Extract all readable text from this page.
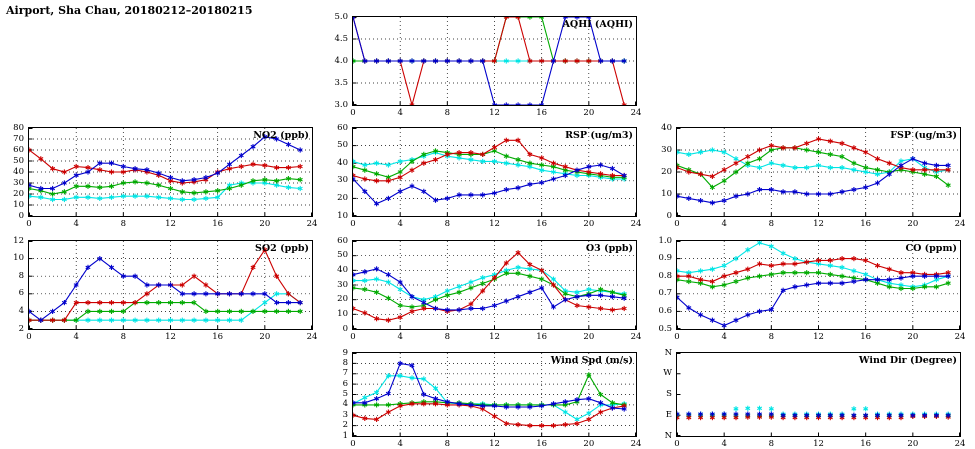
Airport, Sha Chau, 20180212–20180215
AQHI (AQHI)
3.0
3.5
4.0
4.5
5.0
0	4	8	12	16	20	24
NO2 (ppb)
0
10
20
30
40
50
60
70
80
0	4	8	12	16	20	24
RSP (ug/m3)
10
20
30
40
50
60
0	4	8	12	16	20	24
FSP (ug/m3)
0
10
20
30
40
0	4	8	12	16	20	24
SO2 (ppb)
2
4
6
8
10
12
0	4	8	12	16	20	24
O3 (ppb)
0
10
20
30
40
50
60
0	4	8	12	16	20	24
CO (ppm)
0.5
0.6
0.7
0.8
0.9
1.0
0	4	8	12	16	20	24
Wind Spd (m/s)
1
2
3
4
5
6
7
8
9
0	4	8	12	16	20	24
Wind Dir (Degree)
N
E
S
W
N
0	4	8	12	16	20	24
